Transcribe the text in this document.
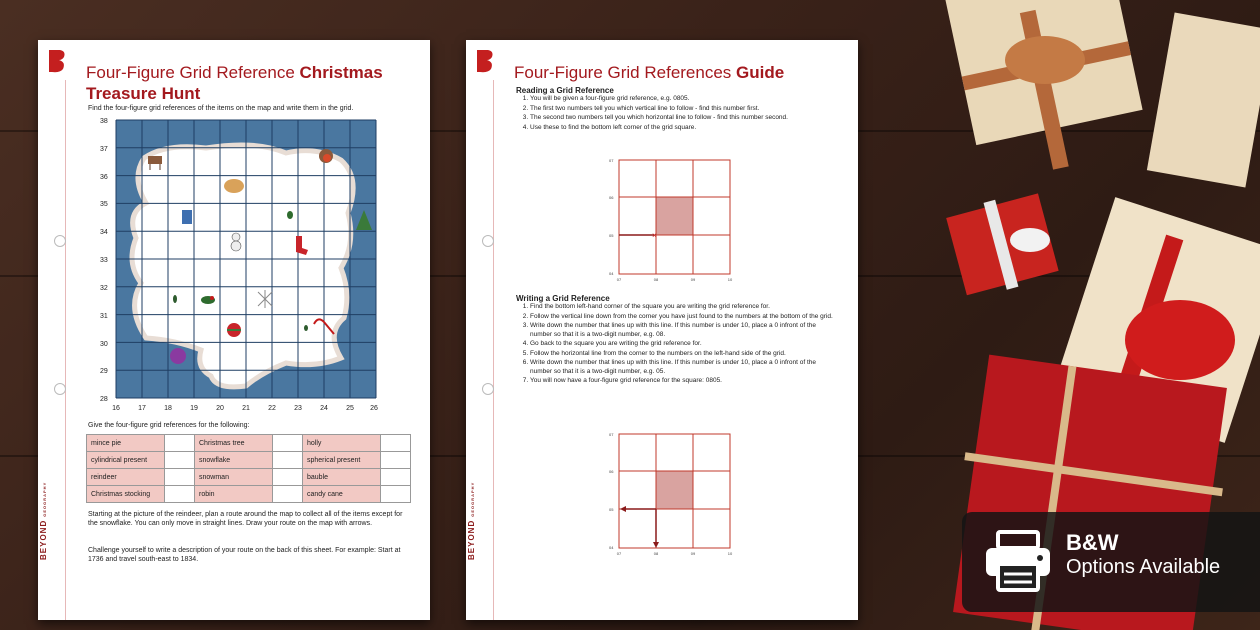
BEYONDGEOGRAPHY
Four-Figure Grid Reference Christmas Treasure Hunt
Find the four-figure grid references of the items on the map and write them in the grid.
38
37
36
35
34
33
32
31
30
29
28
16	17	18	19	20	21	22	23	24	25 26
Give the four-figure grid references for the following:
mince pie		Christmas tree		holly	
cylindrical present		snowflake		spherical present	
reindeer		snowman		bauble	
Christmas stocking		robin		candy cane	
Starting at the picture of the reindeer, plan a route around the map to collect all of the items except for the snowflake. You can only move in straight lines. Draw your route on the map with arrows.
Challenge yourself to write a description of your route on the back of this sheet. For example: Start at 1736 and travel south-east to 1834.	BEYONDGEOGRAPHY
Four-Figure Grid References Guide
Reading a Grid Reference
1. You will be given a four-figure grid reference, e.g. 0805.
2. The first two numbers tell you which vertical line to follow - find this number first.
3. The second two numbers tell you which horizontal line to follow - find this number second.
4. Use these to find the bottom left corner of the grid square.
×
07
06
05
04
07	08	09	10
Writing a Grid Reference
1. Find the bottom left-hand corner of the square you are writing the grid reference for.
2. Follow the vertical line down from the corner you have just found to the numbers at the bottom of the grid.
3. Write down the number that lines up with this line. If this number is under 10, place a 0 infront of the number so that it is a two-digit number, e.g. 08.
4. Go back to the square you are writing the grid reference for.
5. Follow the horizontal line from the corner to the numbers on the left-hand side of the grid.
6. Write down the number that lines up with this line. If this number is under 10, place a 0 infront of the number so that it is a two-digit number, e.g. 05.
7. You will now have a four-figure grid reference for the square: 0805.
07
06
05
04
07	08	09	10	B&W
Options Available
